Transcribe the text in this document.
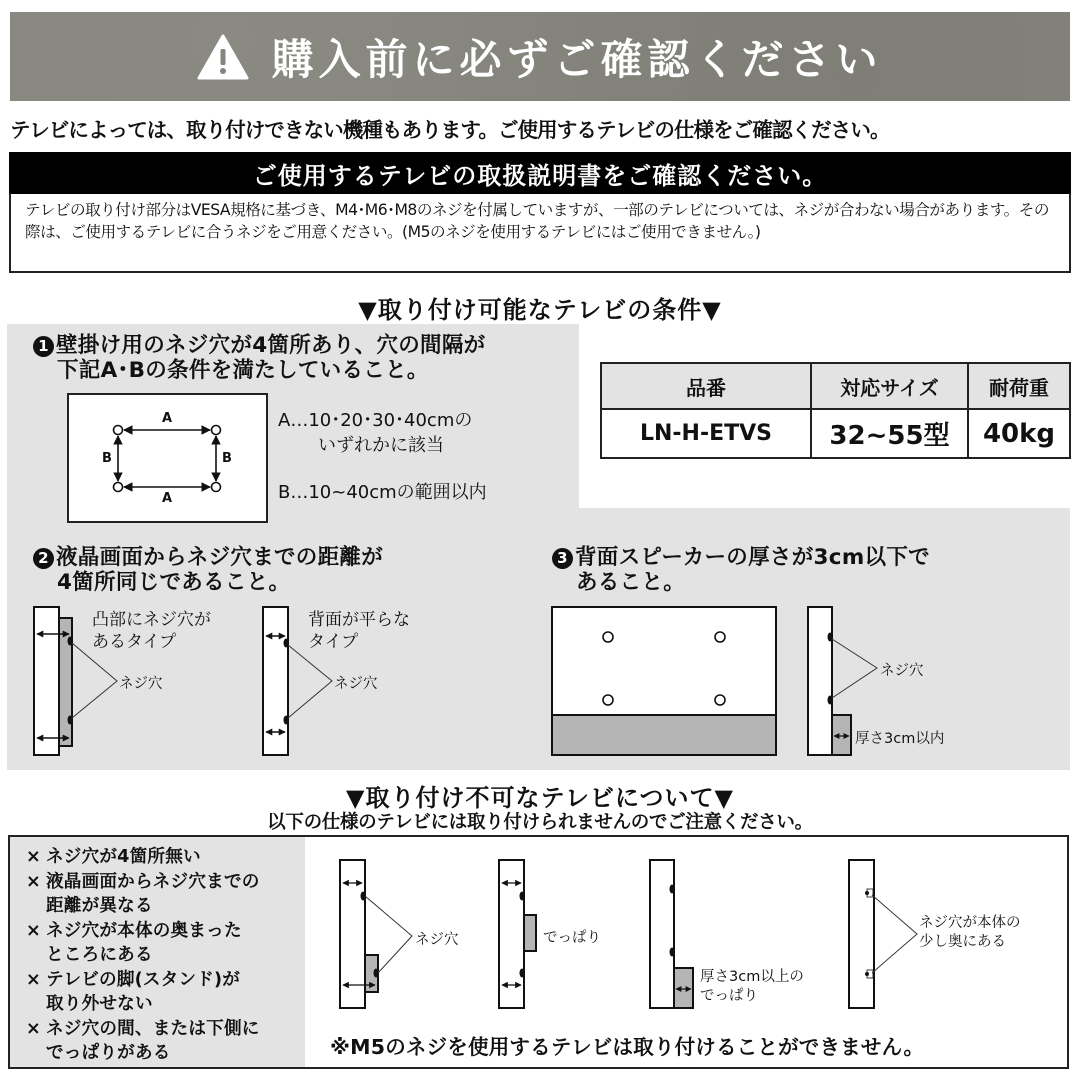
購入前に必ずご確認ください
テレビによっては、取り付けできない機種もあります。ご使用するテレビの仕様をご確認ください。
ご使用するテレビの取扱説明書をご確認ください。
テレビの取り付け部分はVESA規格に基づき、M4･M6･M8のネジを付属していますが、一部のテレビについては、ネジが合わない場合があります。その際は、ご使用するテレビに合うネジをご用意ください。(M5のネジを使用するテレビにはご使用できません。)
▼取り付け可能なテレビの条件▼
1 壁掛け用のネジ穴が4箇所あり、穴の間隔が
下記A･Bの条件を満たしていること。
A
A
B	B
A…10･20･30･40cmの
いずれかに該当
B…10~40cmの範囲以内
品番	対応サイズ	耐荷重
LN-H-ETVS	32~55型	40kg
2 液晶画面からネジ穴までの距離が
4箇所同じであること。
凸部にネジ穴が
あるタイプ
背面が平らな
タイプ
ネジ穴	ネジ穴
3 背面スピーカーの厚さが3cm以下で
あること。
ネジ穴
厚さ3cm以内
▼取り付け不可なテレビについて▼
以下の仕様のテレビには取り付けられませんのでご注意ください。
× ネジ穴が4箇所無い
× 液晶画面からネジ穴までの
距離が異なる
× ネジ穴が本体の奥まった
ところにある
× テレビの脚(スタンド)が
取り外せない
× ネジ穴の間、または下側に
でっぱりがある
ネジ穴	でっぱり
厚さ3cm以上の
でっぱり
ネジ穴が本体の
少し奥にある
※M5のネジを使用するテレビは取り付けることができません。
